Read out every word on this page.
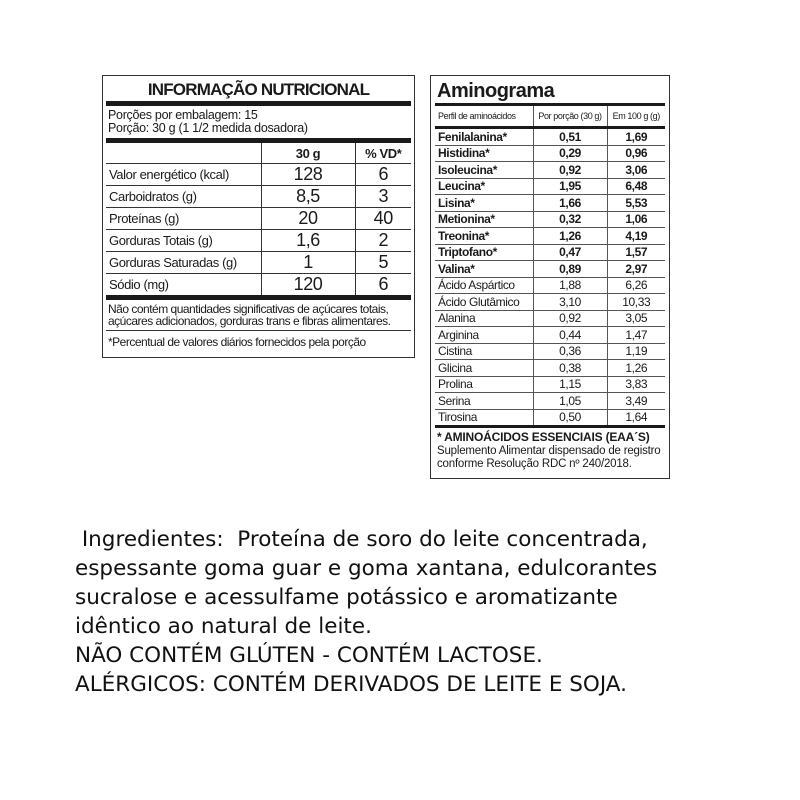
INFORMAÇÃO NUTRICIONAL
Porções por embalagem: 15
Porção: 30 g (1 1/2 medida dosadora)
	30 g	% VD*
Valor energético (kcal)	128	6
Carboidratos (g)	8,5	3
Proteínas (g)	20	40
Gorduras Totais (g)	1,6	2
Gorduras Saturadas (g)	1	5
Sódio (mg)	120	6
Não contém quantidades significativas de açúcares totais, açúcares adicionados, gorduras trans e fibras alimentares.
*Percentual de valores diários fornecidos pela porção
Aminograma
Perfil de aminoácidos	Por porção (30 g)	Em 100 g (g)
Fenilalanina*	0,51	1,69
Histidina*	0,29	0,96
Isoleucina*	0,92	3,06
Leucina*	1,95	6,48
Lisina*	1,66	5,53
Metionina*	0,32	1,06
Treonina*	1,26	4,19
Triptofano*	0,47	1,57
Valina*	0,89	2,97
Ácido Aspártico	1,88	6,26
Ácido Glutâmico	3,10	10,33
Alanina	0,92	3,05
Arginina	0,44	1,47
Cistina	0,36	1,19
Glicina	0,38	1,26
Prolina	1,15	3,83
Serina	1,05	3,49
Tirosina	0,50	1,64
* AMINOÁCIDOS ESSENCIAIS (EAA´S)
Suplemento Alimentar dispensado de registro
conforme Resolução RDC nº 240/2018.
Ingredientes:  Proteína de soro do leite concentrada,
espessante goma guar e goma xantana, edulcorantes
sucralose e acessulfame potássico e aromatizante
idêntico ao natural de leite.
NÃO CONTÉM GLÚTEN - CONTÉM LACTOSE.
ALÉRGICOS: CONTÉM DERIVADOS DE LEITE E SOJA.
